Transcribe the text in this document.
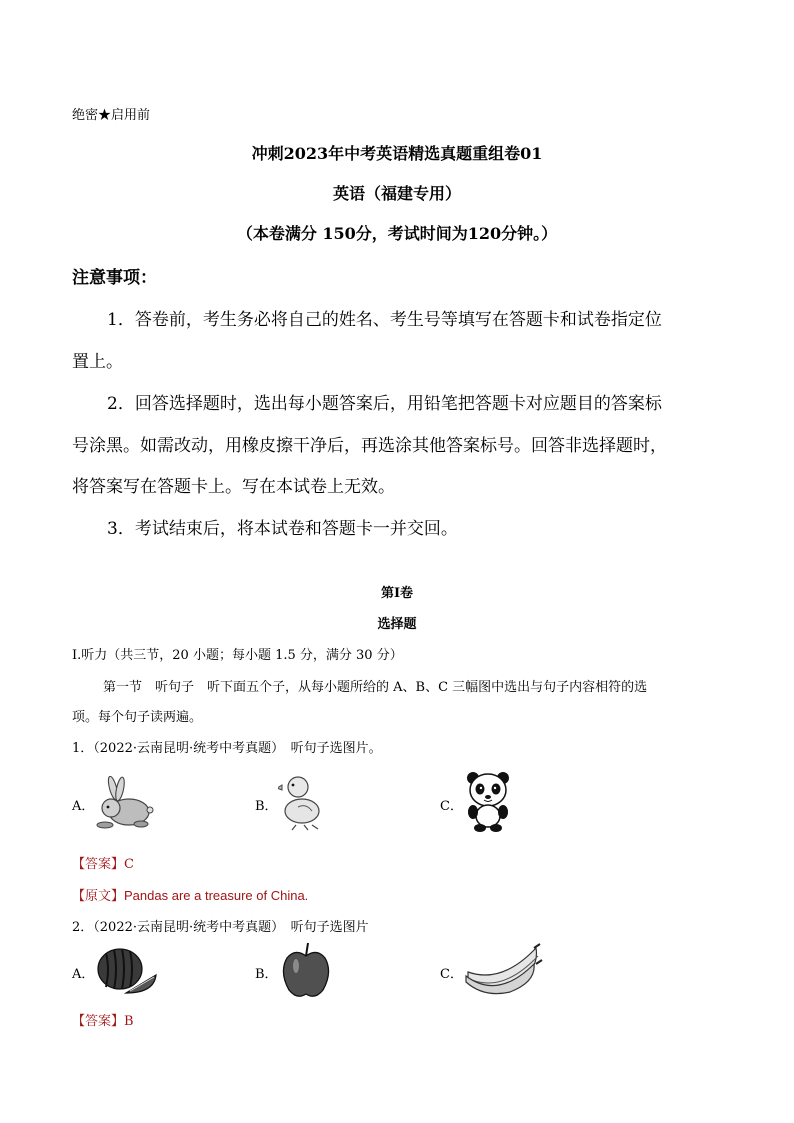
绝密★启用前
冲刺2023年中考英语精选真题重组卷01
英语（福建专用）
（本卷满分 150分，考试时间为120分钟。）
注意事项：
1．答卷前，考生务必将自己的姓名、考生号等填写在答题卡和试卷指定位
置上。
2．回答选择题时，选出每小题答案后，用铅笔把答题卡对应题目的答案标
号涂黑。如需改动，用橡皮擦干净后，再选涂其他答案标号。回答非选择题时，
将答案写在答题卡上。写在本试卷上无效。
3．考试结束后，将本试卷和答题卡一并交回。
第Ⅰ卷
选择题
Ⅰ.听力（共三节，20 小题；每小题 1.5 分，满分 30 分）
第一节　听句子　听下面五个子，从每小题所给的 A、B、C 三幅图中选出与句子内容相符的选
项。每个句子读两遍。
1．（2022·云南昆明·统考中考真题）　听句子选图片。
A．	B．	C．
【答案】C
【原文】Pandas are a treasure of China.
2．（2022·云南昆明·统考中考真题）　听句子选图片
A．	B．	C．
【答案】B
